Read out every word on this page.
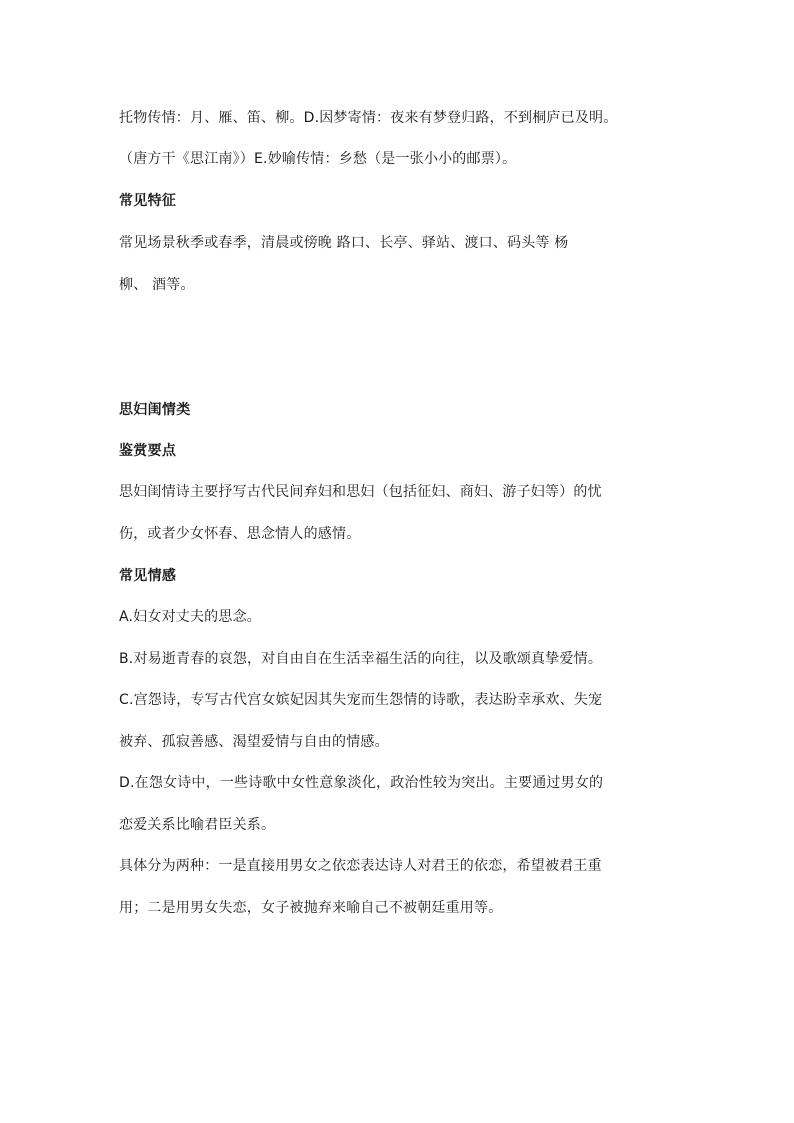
托物传情：月、雁、笛、柳。D.因梦寄情：夜来有梦登归路，不到桐庐已及明。
（唐方干《思江南》）E.妙喻传情：乡愁（是一张小小的邮票）。
常见特征
常见场景秋季或春季，清晨或傍晚 路口、长亭、驿站、渡口、码头等 杨
柳、 酒等。
思妇闺情类
鉴赏要点
思妇闺情诗主要抒写古代民间弃妇和思妇（包括征妇、商妇、游子妇等）的忧
伤，或者少女怀春、思念情人的感情。
常见情感
A.妇女对丈夫的思念。
B.对易逝青春的哀怨，对自由自在生活幸福生活的向往，以及歌颂真挚爱情。
C.宫怨诗，专写古代宫女嫔妃因其失宠而生怨情的诗歌，表达盼幸承欢、失宠
被弃、孤寂善感、渴望爱情与自由的情感。
D.在怨女诗中，一些诗歌中女性意象淡化，政治性较为突出。主要通过男女的
恋爱关系比喻君臣关系。
具体分为两种：一是直接用男女之依恋表达诗人对君王的依恋，希望被君王重
用；二是用男女失恋，女子被抛弃来喻自己不被朝廷重用等。
